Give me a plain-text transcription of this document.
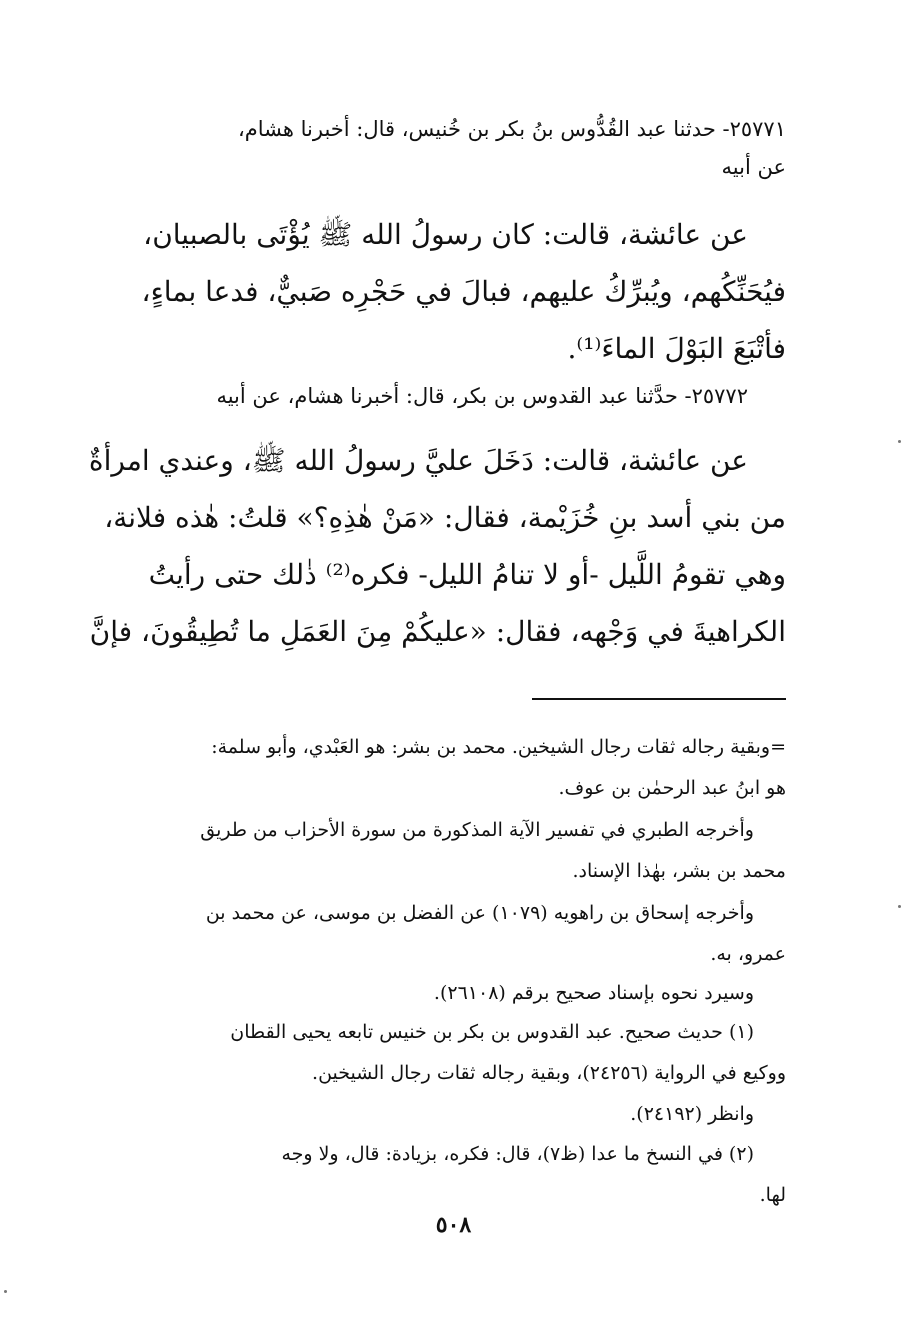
٢٥٧٧١- حدثنا عبد القُدُّوس بنُ بكر بن خُنيس، قال: أخبرنا هشام،
عن أبيه
عن عائشة، قالت: كان رسولُ الله ﷺ يُؤْتَى بالصبيان،
فيُحَنِّكُهم، ويُبرِّكُ عليهم، فبالَ في حَجْرِه صَبيٌّ، فدعا بماءٍ،
فأتْبَعَ البَوْلَ الماءَ⁽¹⁾.
٢٥٧٧٢- حدَّثنا عبد القدوس بن بكر، قال: أخبرنا هشام، عن أبيه
عن عائشة، قالت: دَخَلَ عليَّ رسولُ الله ﷺ، وعندي امرأةٌ
من بني أسد بنِ خُزَيْمة، فقال: «مَنْ هٰذِهِ؟» قلتُ: هٰذه فلانة،
وهي تقومُ اللَّيل -أو لا تنامُ الليل- فكره⁽²⁾ ذٰلك حتى رأيتُ
الكراهيةَ في وَجْهه، فقال: «عليكُمْ مِنَ العَمَلِ ما تُطِيقُونَ، فإنَّ
=وبقية رجاله ثقات رجال الشيخين. محمد بن بشر: هو العَبْدي، وأبو سلمة:
هو ابنُ عبد الرحمٰن بن عوف.
وأخرجه الطبري في تفسير الآية المذكورة من سورة الأحزاب من طريق
محمد بن بشر، بهٰذا الإسناد.
وأخرجه إسحاق بن راهويه (١٠٧٩) عن الفضل بن موسى، عن محمد بن
عمرو، به.
وسيرد نحوه بإسناد صحيح برقم (٢٦١٠٨).
(١) حديث صحيح. عبد القدوس بن بكر بن خنيس تابعه يحيى القطان
ووكيع في الرواية (٢٤٢٥٦)، وبقية رجاله ثقات رجال الشيخين.
وانظر (٢٤١٩٢).
(٢) في النسخ ما عدا (ظ٧)، قال: فكره، بزيادة: قال، ولا وجه
لها.
٥٠٨
